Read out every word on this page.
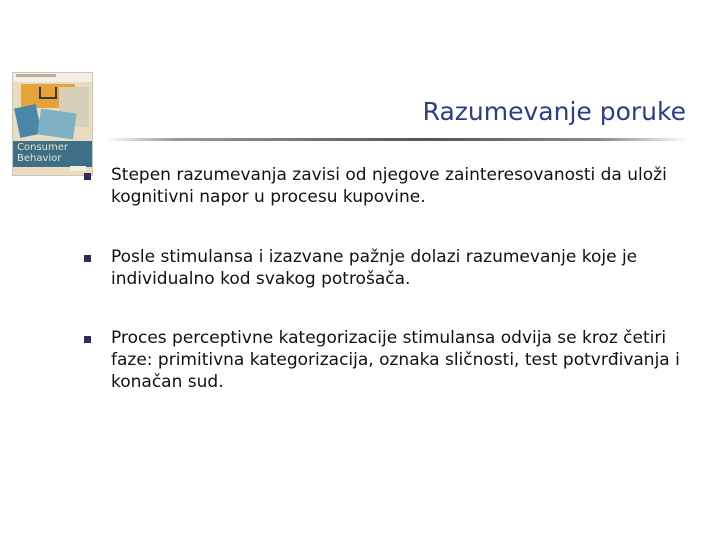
Consumer
Behavior
Razumevanje poruke
Stepen razumevanja zavisi od njegove zainteresovanosti da uloži kognitivni napor u procesu kupovine.
Posle stimulansa i izazvane pažnje dolazi razumevanje koje je individualno kod svakog potrošača.
Proces perceptivne kategorizacije stimulansa odvija se kroz četiri faze: primitivna kategorizacija, oznaka sličnosti, test potvrđivanja i konačan sud.
